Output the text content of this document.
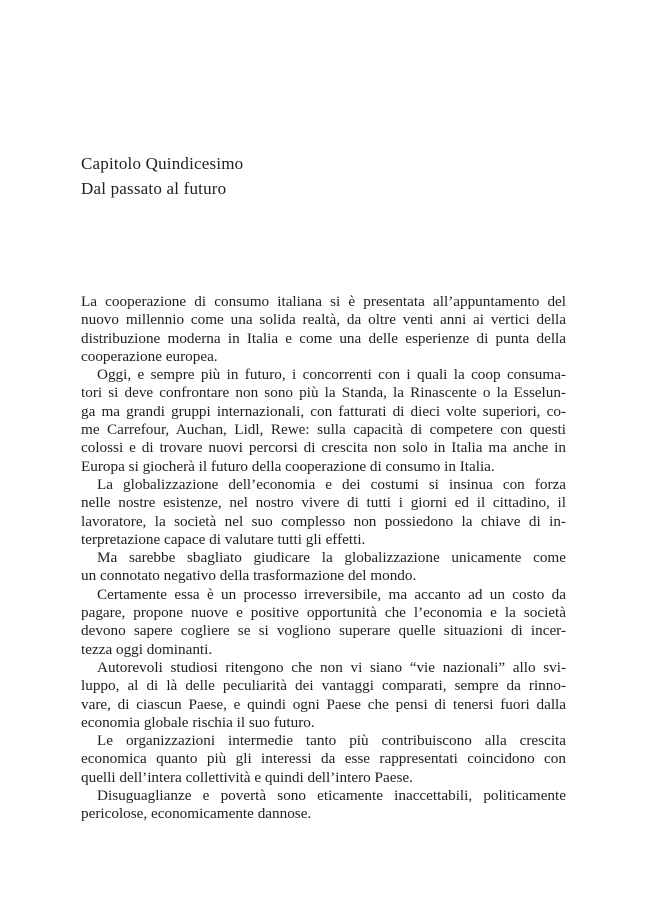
Capitolo Quindicesimo
Dal passato al futuro
La cooperazione di consumo italiana si è presentata all’appuntamento del
nuovo millennio come una solida realtà, da oltre venti anni ai vertici della
distribuzione moderna in Italia e come una delle esperienze di punta della
cooperazione europea.
Oggi, e sempre più in futuro, i concorrenti con i quali la coop consuma-
tori si deve confrontare non sono più la Standa, la Rinascente o la Esselun-
ga ma grandi gruppi internazionali, con fatturati di dieci volte superiori, co-
me Carrefour, Auchan, Lidl, Rewe: sulla capacità di competere con questi
colossi e di trovare nuovi percorsi di crescita non solo in Italia ma anche in
Europa si giocherà il futuro della cooperazione di consumo in Italia.
La globalizzazione dell’economia e dei costumi si insinua con forza
nelle nostre esistenze, nel nostro vivere di tutti i giorni ed il cittadino, il
lavoratore, la società nel suo complesso non possiedono la chiave di in-
terpretazione capace di valutare tutti gli effetti.
Ma sarebbe sbagliato giudicare la globalizzazione unicamente come
un connotato negativo della trasformazione del mondo.
Certamente essa è un processo irreversibile, ma accanto ad un costo da
pagare, propone nuove e positive opportunità che l’economia e la società
devono sapere cogliere se si vogliono superare quelle situazioni di incer-
tezza oggi dominanti.
Autorevoli studiosi ritengono che non vi siano “vie nazionali” allo svi-
luppo, al di là delle peculiarità dei vantaggi comparati, sempre da rinno-
vare, di ciascun Paese, e quindi ogni Paese che pensi di tenersi fuori dalla
economia globale rischia il suo futuro.
Le organizzazioni intermedie tanto più contribuiscono alla crescita
economica quanto più gli interessi da esse rappresentati coincidono con
quelli dell’intera collettività e quindi dell’intero Paese.
Disuguaglianze e povertà sono eticamente inaccettabili, politicamente
pericolose, economicamente dannose.
